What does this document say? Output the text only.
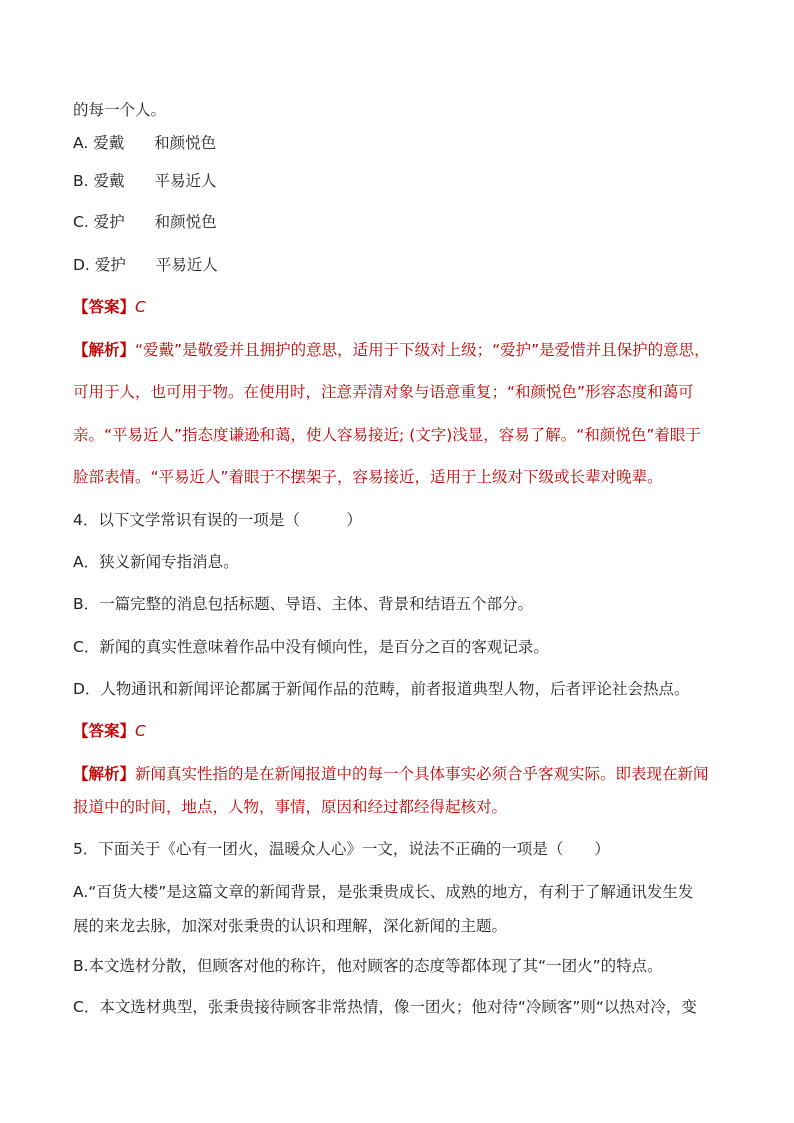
的每一个人。
A. 爱戴 和颜悦色
B. 爱戴 平易近人
C. 爱护 和颜悦色
D. 爱护 平易近人
【答案】C
【解析】“爱戴”是敬爱并且拥护的意思，适用于下级对上级；“爱护”是爱惜并且保护的意思，
可用于人，也可用于物。在使用时，注意弄清对象与语意重复；“和颜悦色”形容态度和蔼可
亲。“平易近人”指态度谦逊和蔼，使人容易接近; (文字)浅显，容易了解。“和颜悦色”着眼于
脸部表情。“平易近人”着眼于不摆架子，容易接近，适用于上级对下级或长辈对晚辈。
4．以下文学常识有误的一项是（　　　）
A．狭义新闻专指消息。
B．一篇完整的消息包括标题、导语、主体、背景和结语五个部分。
C．新闻的真实性意味着作品中没有倾向性，是百分之百的客观记录。
D．人物通讯和新闻评论都属于新闻作品的范畴，前者报道典型人物，后者评论社会热点。
【答案】C
【解析】新闻真实性指的是在新闻报道中的每一个具体事实必须合乎客观实际。即表现在新闻
报道中的时间，地点，人物，事情，原因和经过都经得起核对。
5．下面关于《心有一团火，温暖众人心》一文，说法不正确的一项是（　　）
A.“百货大楼”是这篇文章的新闻背景，是张秉贵成长、成熟的地方，有利于了解通讯发生发
展的来龙去脉，加深对张秉贵的认识和理解，深化新闻的主题。
B.本文选材分散，但顾客对他的称许，他对顾客的态度等都体现了其“一团火”的特点。
C．本文选材典型，张秉贵接待顾客非常热情，像一团火；他对待“冷顾客”则“以热对冷，变
